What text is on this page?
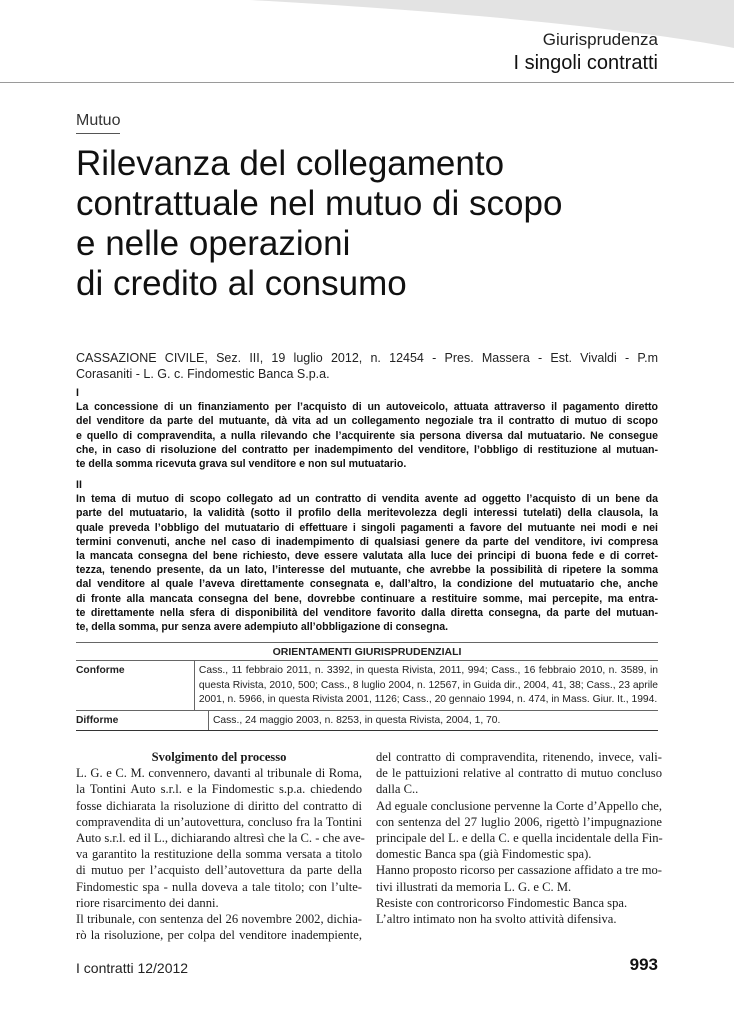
Giurisprudenza
I singoli contratti
Mutuo
Rilevanza del collegamento
contrattuale nel mutuo di scopo
e nelle operazioni
di credito al consumo
CASSAZIONE CIVILE, Sez. III, 19 luglio 2012, n. 12454 - Pres. Massera - Est. Vivaldi - P.m
Corasaniti - L. G. c. Findomestic Banca S.p.a.
I
La concessione di un finanziamento per l’acquisto di un autoveicolo, attuata attraverso il pagamento diretto
del venditore da parte del mutuante, dà vita ad un collegamento negoziale tra il contratto di mutuo di scopo
e quello di compravendita, a nulla rilevando che l’acquirente sia persona diversa dal mutuatario. Ne consegue
che, in caso di risoluzione del contratto per inadempimento del venditore, l’obbligo di restituzione al mutuan-
te della somma ricevuta grava sul venditore e non sul mutuatario.
II
In tema di mutuo di scopo collegato ad un contratto di vendita avente ad oggetto l’acquisto di un bene da
parte del mutuatario, la validità (sotto il profilo della meritevolezza degli interessi tutelati) della clausola, la
quale preveda l’obbligo del mutuatario di effettuare i singoli pagamenti a favore del mutuante nei modi e nei
termini convenuti, anche nel caso di inadempimento di qualsiasi genere da parte del venditore, ivi compresa
la mancata consegna del bene richiesto, deve essere valutata alla luce dei principi di buona fede e di corret-
tezza, tenendo presente, da un lato, l’interesse del mutuante, che avrebbe la possibilità di ripetere la somma
dal venditore al quale l’aveva direttamente consegnata e, dall’altro, la condizione del mutuatario che, anche
di fronte alla mancata consegna del bene, dovrebbe continuare a restituire somme, mai percepite, ma entra-
te direttamente nella sfera di disponibilità del venditore favorito dalla diretta consegna, da parte del mutuan-
te, della somma, pur senza avere adempiuto all’obbligazione di consegna.
ORIENTAMENTI GIURISPRUDENZIALI
Conforme	Cass., 11 febbraio 2011, n. 3392, in questa Rivista, 2011, 994; Cass., 16 febbraio 2010, n. 3589, in
questa Rivista, 2010, 500; Cass., 8 luglio 2004, n. 12567, in Guida dir., 2004, 41, 38; Cass., 23 aprile
2001, n. 5966, in questa Rivista 2001, 1126; Cass., 20 gennaio 1994, n. 474, in Mass. Giur. It., 1994.
Difforme	Cass., 24 maggio 2003, n. 8253, in questa Rivista, 2004, 1, 70.
Svolgimento del processo
L. G. e C. M. convennero, davanti al tribunale di Roma,
la Tontini Auto s.r.l. e la Findomestic s.p.a. chiedendo
fosse dichiarata la risoluzione di diritto del contratto di
compravendita di un’autovettura, concluso fra la Tontini
Auto s.r.l. ed il L., dichiarando altresì che la C. - che ave-
va garantito la restituzione della somma versata a titolo
di mutuo per l’acquisto dell’autovettura da parte della
Findomestic spa - nulla doveva a tale titolo; con l’ulte-
riore risarcimento dei danni.
Il tribunale, con sentenza del 26 novembre 2002, dichia-
rò la risoluzione, per colpa del venditore inadempiente,
del contratto di compravendita, ritenendo, invece, vali-
de le pattuizioni relative al contratto di mutuo concluso
dalla C..
Ad eguale conclusione pervenne la Corte d’Appello che,
con sentenza del 27 luglio 2006, rigettò l’impugnazione
principale del L. e della C. e quella incidentale della Fin-
domestic Banca spa (già Findomestic spa).
Hanno proposto ricorso per cassazione affidato a tre mo-
tivi illustrati da memoria L. G. e C. M.
Resiste con controricorso Findomestic Banca spa.
L’altro intimato non ha svolto attività difensiva.
I contratti 12/2012	993
